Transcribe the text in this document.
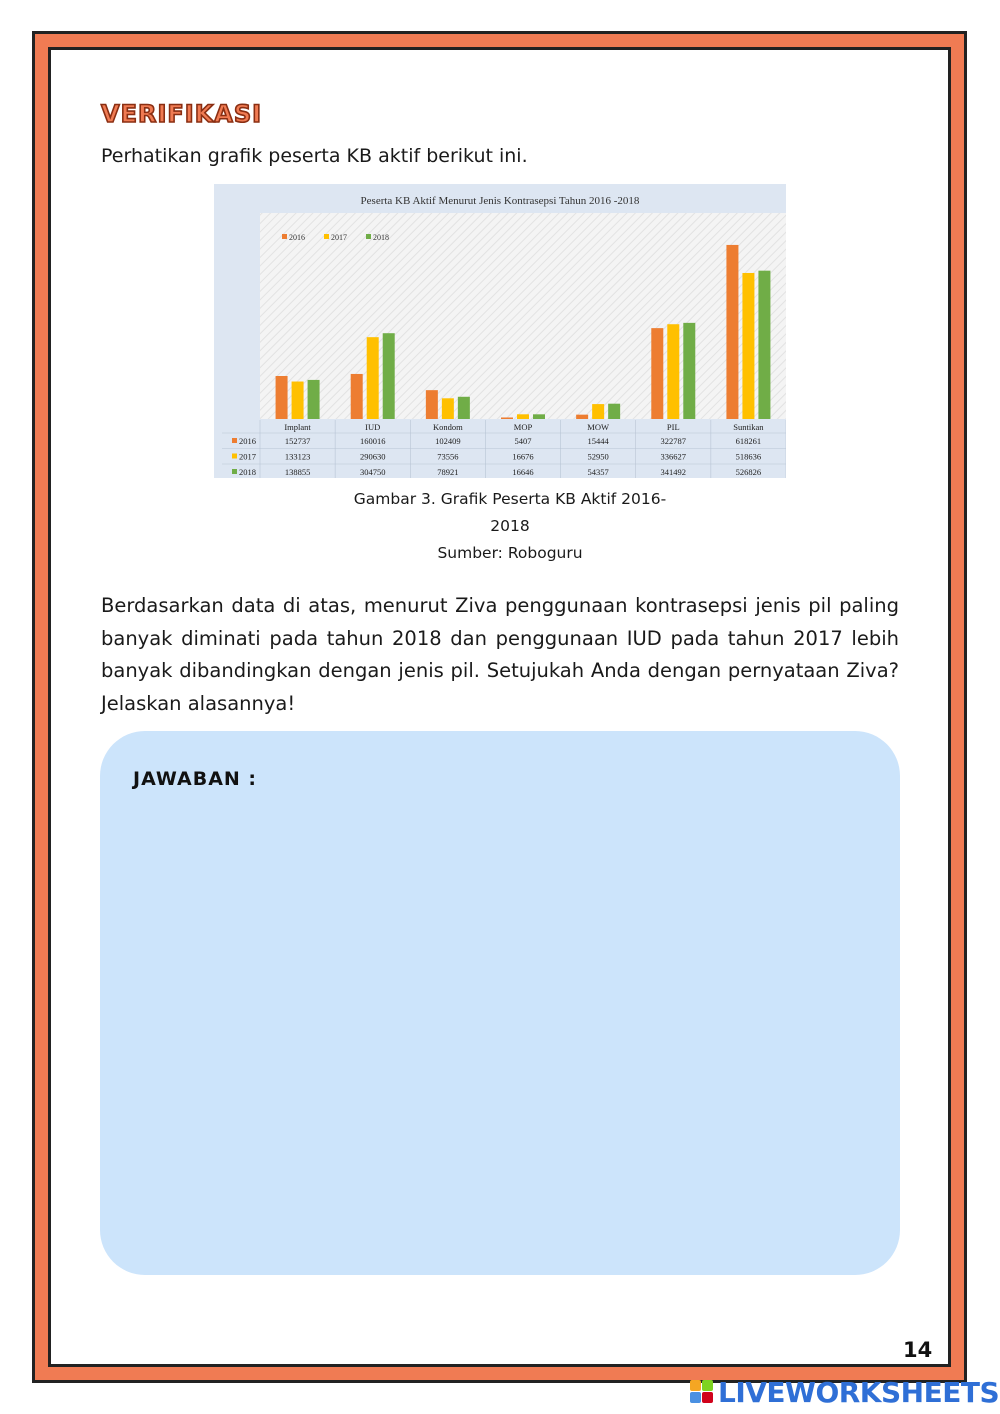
VERIFIKASI

Perhatikan grafik peserta KB aktif berikut ini.

Peserta KB Aktif Menurut Jenis Kontrasepsi Tahun 2016 -2018
2016	2017	2018
Implant	IUD	Kondom	MOP	MOW	PIL	Suntikan
2016	152737	160016	102409	5407	15444	322787	618261
2017	133123	290630	73556	16676	52950	336627	518636
2018	138855	304750	78921	16646	54357	341492	526826
Gambar 3. Grafik Peserta KB Aktif 2016-
2018
Sumber: Roboguru

Berdasarkan data di atas, menurut Ziva penggunaan kontrasepsi jenis pil paling banyak diminati pada tahun 2018 dan penggunaan IUD pada tahun 2017 lebih banyak dibandingkan dengan jenis pil. Setujukah Anda dengan pernyataan Ziva? Jelaskan alasannya!

JAWABAN :
14
LIVEWORKSHEETS
